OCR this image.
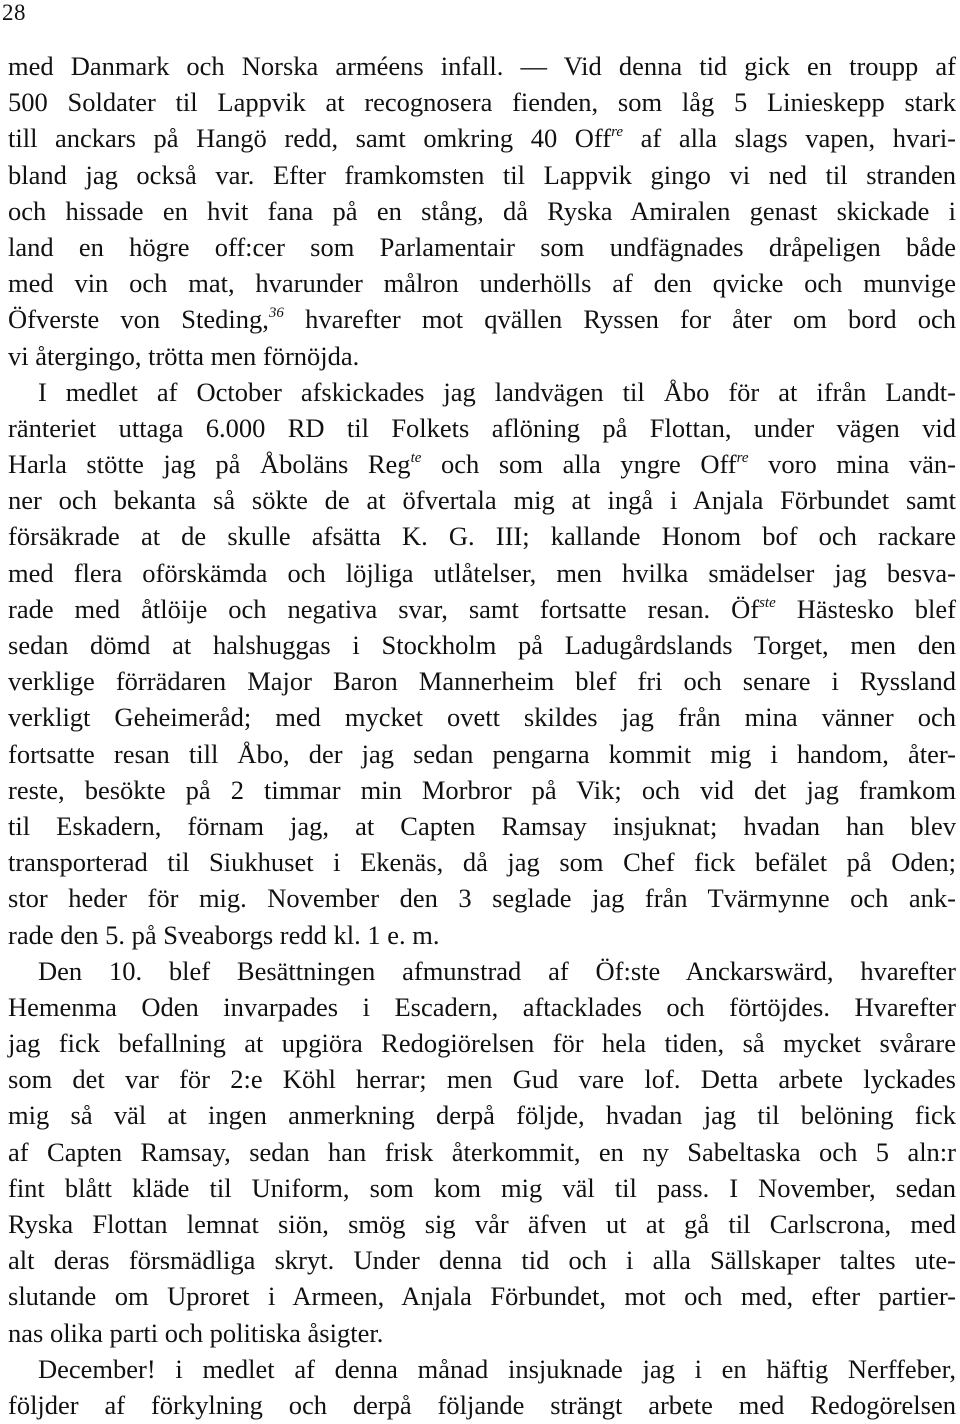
28
med Danmark och Norska arméens infall. — Vid denna tid gick en troupp af
500 Soldater til Lappvik at recognosera fienden, som låg 5 Linieskepp stark
till anckars på Hangö redd, samt omkring 40 Off$^{re}$ af alla slags vapen, hvari-
bland jag också var. Efter framkomsten til Lappvik gingo vi ned til stranden
och hissade en hvit fana på en stång, då Ryska Amiralen genast skickade i
land en högre off:cer som Parlamentair som undfägnades dråpeligen både
med vin och mat, hvarunder målron underhölls af den qvicke och munvige
Öfverste von Steding,$^{36}$ hvarefter mot qvällen Ryssen for åter om bord och
vi återgingo, trötta men förnöjda.
I medlet af October afskickades jag landvägen til Åbo för at ifrån Landt-
ränteriet uttaga 6.000 RD til Folkets aflöning på Flottan, under vägen vid
Harla stötte jag på Åboläns Reg$^{te}$ och som alla yngre Off$^{re}$ voro mina vän-
ner och bekanta så sökte de at öfvertala mig at ingå i Anjala Förbundet samt
försäkrade at de skulle afsätta K. G. III; kallande Honom bof och rackare
med flera oförskämda och löjliga utlåtelser, men hvilka smädelser jag besva-
rade med åtlöije och negativa svar, samt fortsatte resan. $Öf^{ste}$ Hästesko blef
sedan dömd at halshuggas i Stockholm på Ladugårdslands Torget, men den
verklige förrädaren Major Baron Mannerheim blef fri och senare i Ryssland
verkligt Geheimeråd; med mycket ovett skildes jag från mina vänner och
fortsatte resan till Åbo, der jag sedan pengarna kommit mig i handom, åter-
reste, besökte på 2 timmar min Morbror på Vik; och vid det jag framkom
til Eskadern, förnam jag, at Capten Ramsay insjuknat; hvadan han blev
transporterad til Siukhuset i Ekenäs, då jag som Chef fick befälet på Oden;
stor heder för mig. November den 3 seglade jag från Tvärmynne och ank-
rade den 5. på Sveaborgs redd kl. 1 e. m.
Den 10. blef Besättningen afmunstrad af Öf:ste Anckarswärd, hvarefter
Hemenma Oden invarpades i Escadern, aftacklades och förtöjdes. Hvarefter
jag fick befallning at upgiöra Redogiörelsen för hela tiden, så mycket svårare
som det var för 2:e Köhl herrar; men Gud vare lof. Detta arbete lyckades
mig så väl at ingen anmerkning derpå följde, hvadan jag til belöning fick
af Capten Ramsay, sedan han frisk återkommit, en ny Sabeltaska och 5 aln:r
fint blått kläde til Uniform, som kom mig väl til pass. I November, sedan
Ryska Flottan lemnat siön, smög sig vår äfven ut at gå til Carlscrona, med
alt deras försmädliga skryt. Under denna tid och i alla Sällskaper taltes ute-
slutande om Uproret i Armeen, Anjala Förbundet, mot och med, efter partier-
nas olika parti och politiska åsigter.
December! i medlet af denna månad insjuknade jag i en häftig Nerffeber,
följder af förkylning och derpå följande strängt arbete med Redogörelsen
